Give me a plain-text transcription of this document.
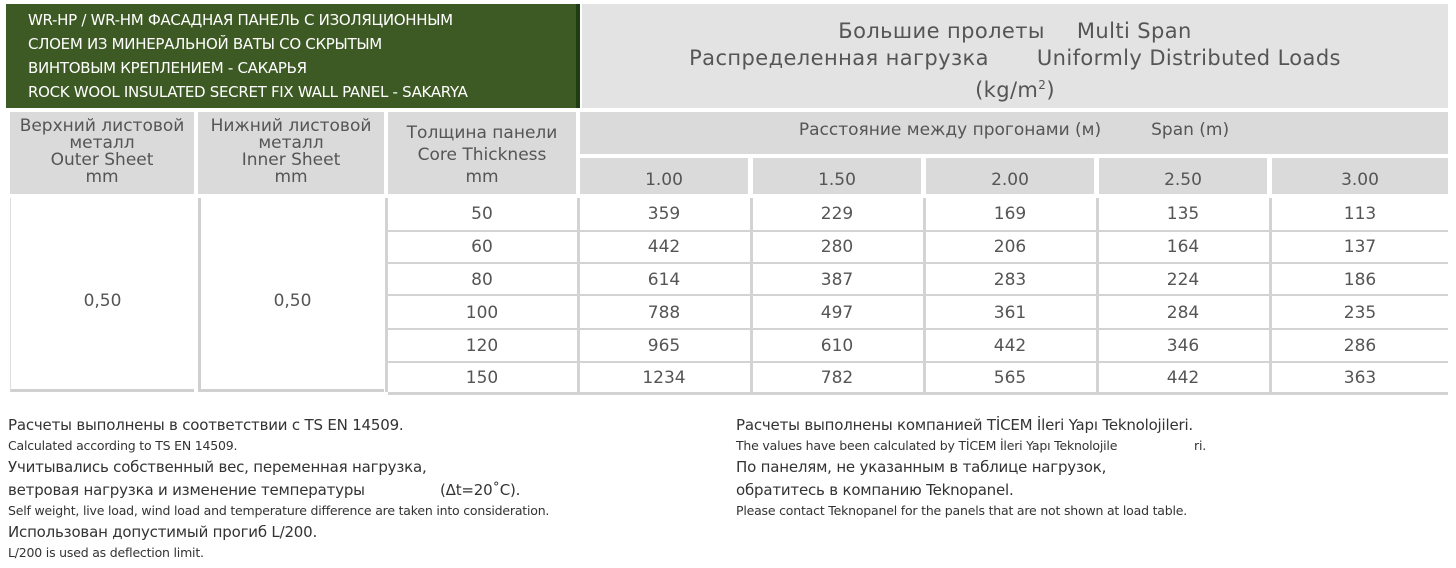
WR-HP / WR-HM ФАСАДНАЯ ПАНЕЛЬ С ИЗОЛЯЦИОННЫМ
СЛОЕМ ИЗ МИНЕРАЛЬНОЙ ВАТЫ СО СКРЫТЫМ
ВИНТОВЫМ КРЕПЛЕНИЕМ - САКАРЬЯ
ROCK WOOL INSULATED SECRET FIX WALL PANEL - SAKARYA
Большие пролеты Multi Span
Распределенная нагрузка Uniformly Distributed Loads
$(kg/m^2)$
Верхний листовой
металл
Outer Sheet
mm
Нижний листовой
металл
Inner Sheet
mm
Толщина панели
Core Thickness
mm
Расстояние между прогонами (м)	Span (m)
1.00	1.50	2.00	2.50	3.00
0,50	0,50
50	359	229	169	135	113
60	442	280	206	164	137
80	614	387	283	224	186
100	788	497	361	284	235
120	965	610	442	346	286
150	1234	782	565	442	363
Расчеты выполнены в соответствии с TS EN 14509.
Calculated according to TS EN 14509.
Учитывались собственный вес, переменная нагрузка,
ветровая нагрузка и изменение температуры	(Δt=20˚C).
Self weight, live load, wind load and temperature difference are taken into consideration.
Использован допустимый прогиб L/200.
L/200 is used as deflection limit.
Расчеты выполнены компанией TİCEM İleri Yapı Teknolojileri.
The values have been calculated by TİCEM İleri Yapı Teknolojile	ri.
По панелям, не указанным в таблице нагрузок,
обратитесь в компанию Teknopanel.
Please contact Teknopanel for the panels that are not shown at load table.
